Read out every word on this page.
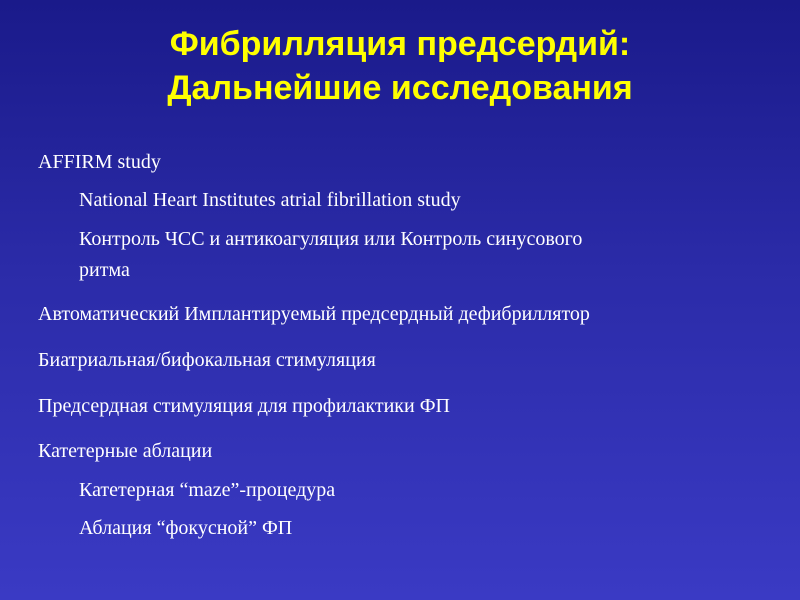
Фибрилляция предсердий:
Дальнейшие исследования
AFFIRM study
National Heart Institutes atrial fibrillation study
Контроль ЧСС и антикоагуляция или Контроль синусового
ритма
Автоматический Имплантируемый предсердный дефибриллятор
Биатриальная/бифокальная стимуляция
Предсердная стимуляция для профилактики ФП
Катетерные аблации
Катетерная “maze”-процедура
Аблация “фокусной” ФП
